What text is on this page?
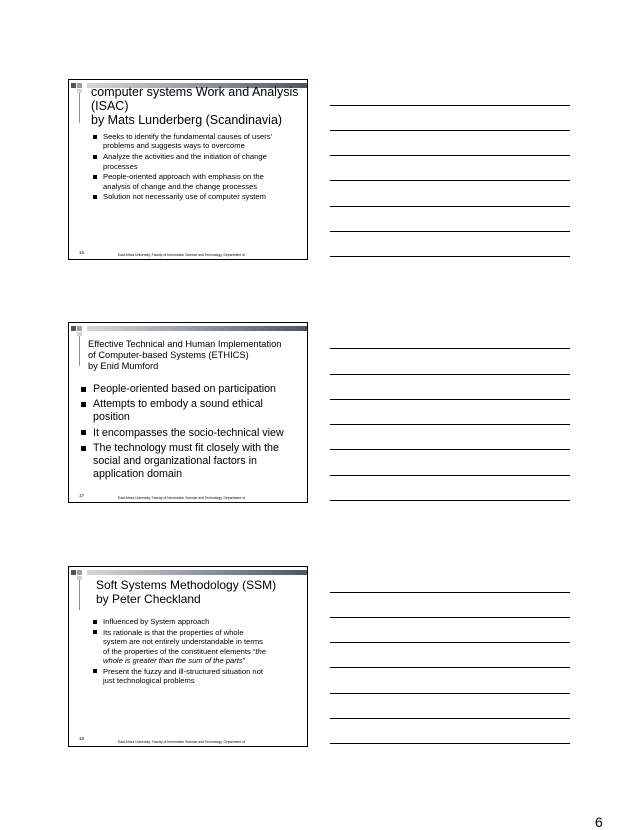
computer systems Work and Analysis
(ISAC)
by Mats Lunderberg (Scandinavia)
Seeks to identify the fundamental causes of users’
problems and suggests ways to overcome
Analyze the activities and the initiation of change
processes
People-oriented approach with emphasis on the
analysis of change and the change processes
Solution not necessarily use of computer system
16	East Africa University, Faculty of Information Science and Technology, Department of
Effective Technical and Human Implementation
of Computer-based Systems (ETHICS)
by Enid Mumford
People-oriented based on participation
Attempts to embody a sound ethical
position
It encompasses the socio-technical view
The technology must fit closely with the
social and organizational factors in
application domain
17	East Africa University, Faculty of Information Science and Technology, Department of
Soft Systems Methodology (SSM)
by Peter Checkland
Influenced by System approach
Its rationale is that the properties of whole
system are not entirely understandable in terms
of the properties of the constituent elements “the
whole is greater than the sum of the parts”
Present the fuzzy and ill-structured situation not
just technological problems
18
East Africa University, Faculty of Information Science and Technology, Department of
6
